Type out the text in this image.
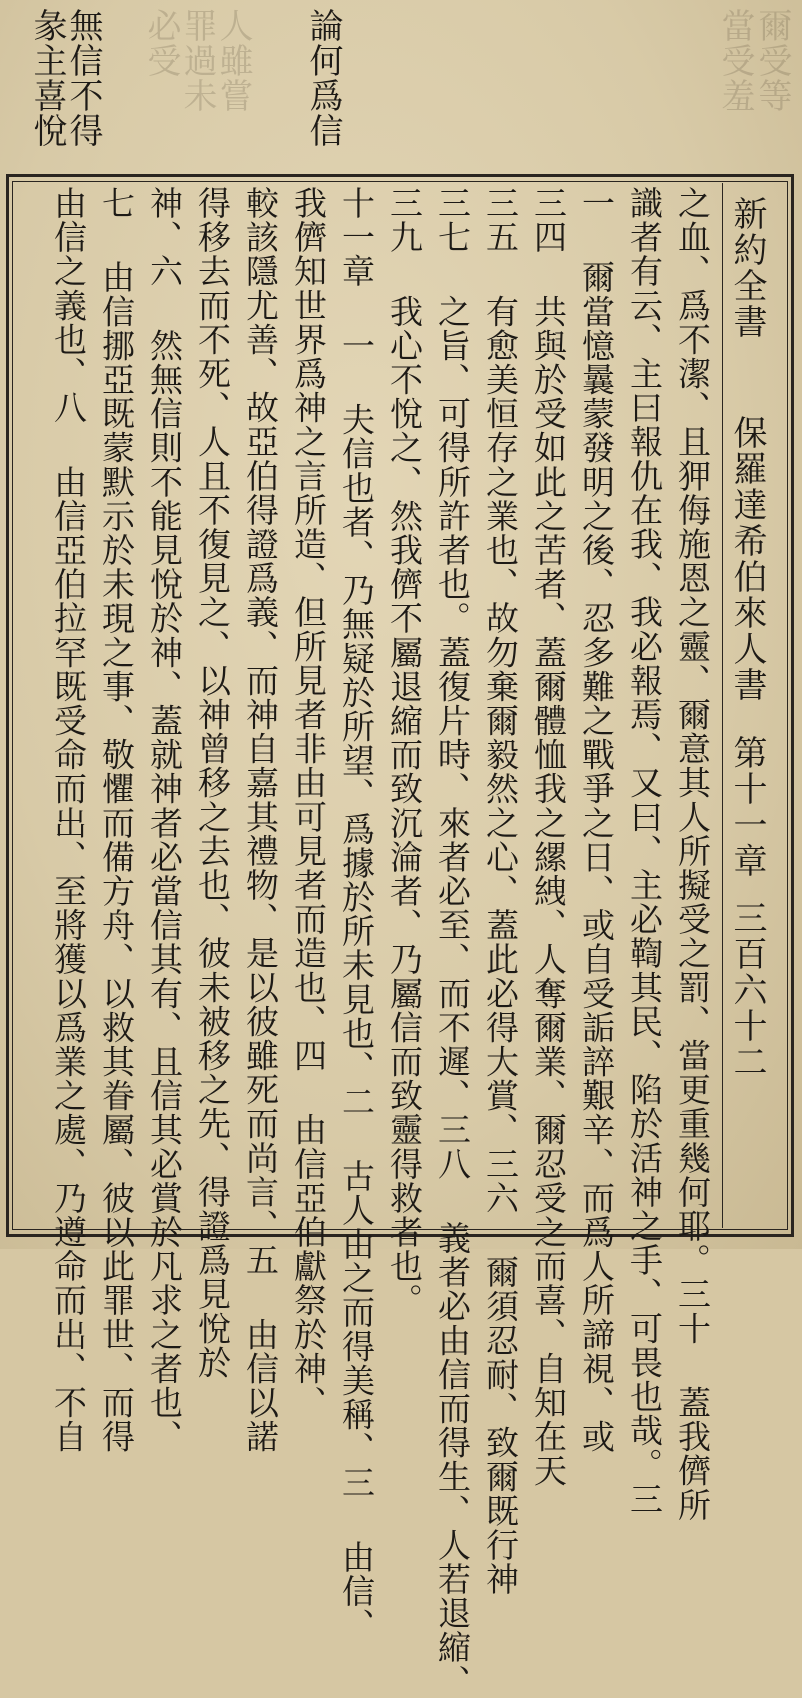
爾受等
當受羞
人雖嘗
罪過未
必受	論何爲信
無信不得
彖主喜悅
新約全書
保羅達希伯來人書
第十一章
三百六十二
之血、爲不潔、且狎侮施恩之靈、爾意其人所擬受之罰、當更重幾何耶。三十 蓋我儕所
識者有云、主曰報仇在我、我必報焉、又曰、主必鞫其民、陷於活神之手、可畏也哉。三
一 爾當憶曩蒙發明之後、忍多難之戰爭之日、或自受詬誶艱辛、而爲人所諦視、或
三四 共與於受如此之苦者、蓋爾體恤我之縲絏、人奪爾業、爾忍受之而喜、自知在天
三五 有愈美恒存之業也、故勿棄爾毅然之心、蓋此必得大賞、三六 爾須忍耐、致爾既行神
三七 之旨、可得所許者也。蓋復片時、來者必至、而不遲、三八 義者必由信而得生、人若退縮、
三九 我心不悅之、然我儕不屬退縮而致沉淪者、乃屬信而致靈得救者也。
十一章 一 夫信也者、乃無疑於所望、爲據於所未見也、二 古人由之而得美稱、三 由信、
我儕知世界爲神之言所造、但所見者非由可見者而造也、四 由信亞伯獻祭於神、
較該隱尤善、故亞伯得證爲義、而神自嘉其禮物、是以彼雖死而尚言、五 由信以諾
得移去而不死、人且不復見之、以神曾移之去也、彼未被移之先、得證爲見悅於
神、六 然無信則不能見悅於神、蓋就神者必當信其有、且信其必賞於凡求之者也、
七 由信挪亞既蒙默示於未現之事、敬懼而備方舟、以救其眷屬、彼以此罪世、而得
由信之義也、八 由信亞伯拉罕既受命而出、至將獲以爲業之處、乃遵命而出、不自
